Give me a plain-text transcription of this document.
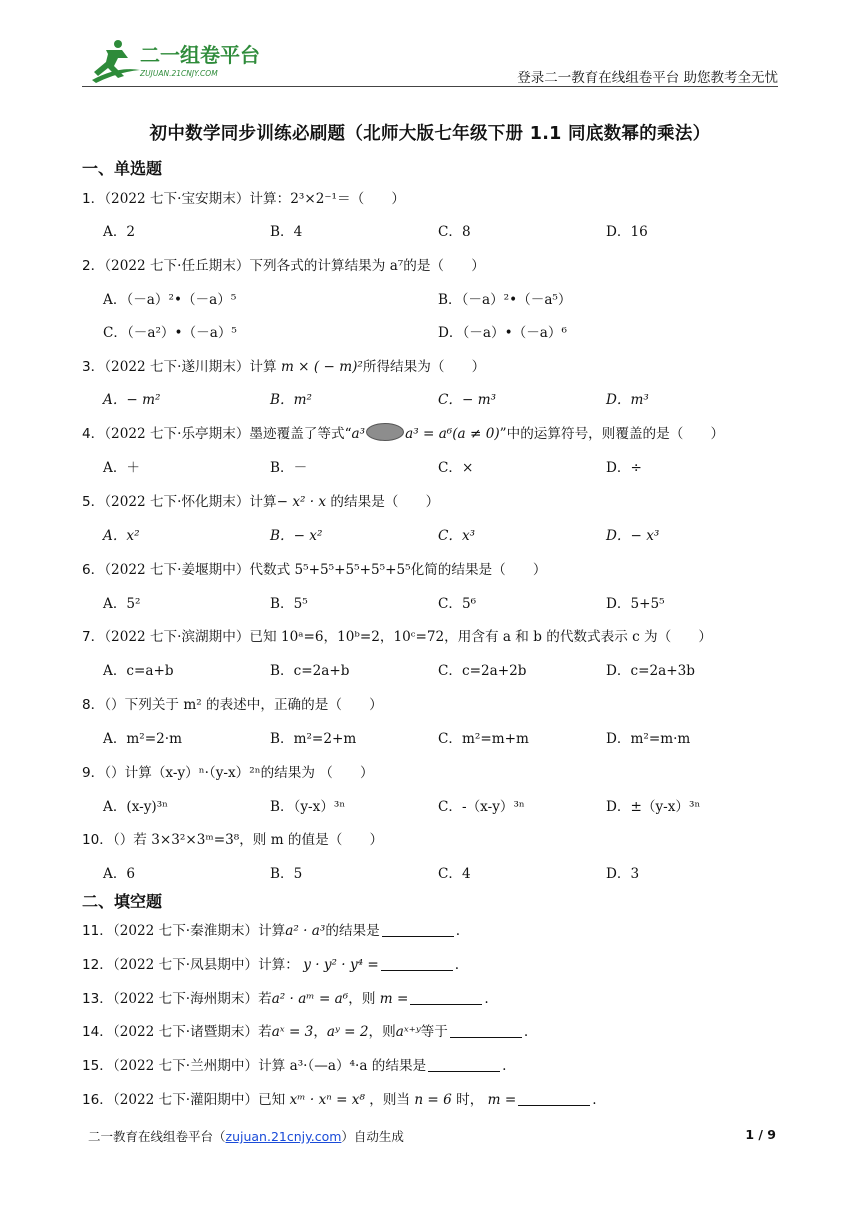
二一组卷平台
ZUJUAN.21CNJY.COM	登录二一教育在线组卷平台 助您教考全无忧
初中数学同步训练必刷题（北师大版七年级下册 1.1 同底数幂的乘法）
一、单选题
1．（2022 七下·宝安期末）计算：2³×2⁻¹＝（　　）
A．2	B．4	C．8	D．16
2．（2022 七下·任丘期末）下列各式的计算结果为 a⁷的是（　　）
A．（－a）²•（－a）⁵	B．（－a）²•（－a⁵）
C．（－a²）•（－a）⁵	D．（－a）•（－a）⁶
3．（2022 七下·遂川期末）计算 m × ( − m)²所得结果为（　　）
A．− m²	B．m²	C．− m³	D．m³
4．（2022 七下·乐亭期末）墨迹覆盖了等式“a³	a³ = a⁶(a ≠ 0)”中的运算符号，则覆盖的是（　　）
A．＋	B．－	C．×	D．÷
5．（2022 七下·怀化期末）计算− x² · x 的结果是（　　）
A．x²	B．− x²	C．x³	D．− x³
6．（2022 七下·姜堰期中）代数式 5⁵+5⁵+5⁵+5⁵+5⁵化简的结果是（　　）
A．5²	B．5⁵	C．5⁶	D．5+5⁵
7．（2022 七下·滨湖期中）已知 10ᵃ=6，10ᵇ=2，10ᶜ=72，用含有 a 和 b 的代数式表示 c 为（　　）
A．c=a+b	B．c=2a+b	C．c=2a+2b	D．c=2a+3b
8．（）下列关于 m² 的表述中，正确的是（　　）
A．m²=2·m	B．m²=2+m	C．m²=m+m	D．m²=m·m
9．（）计算（x-y）ⁿ·（y-x）²ⁿ的结果为 （　　）
A．(x-y)³ⁿ	B．（y-x）³ⁿ	C．-（x-y）³ⁿ	D．±（y-x）³ⁿ
10．（）若 3×3²×3ᵐ=3⁸，则 m 的值是（　　）
A．6	B．5	C．4	D．3
二、填空题
11．（2022 七下·秦淮期末）计算a² · a³的结果是	.
12．（2022 七下·凤县期中）计算： y · y² · y⁴ =	.
13．（2022 七下·海州期末）若a² · aᵐ = a⁶，则 m =	.
14．（2022 七下·诸暨期末）若aˣ = 3，aʸ = 2，则aˣ⁺ʸ等于	.
15．（2022 七下·兰州期中）计算 a³·（—a）⁴·a 的结果是	.
16．（2022 七下·灌阳期中）已知 xᵐ · xⁿ = x⁸ ，则当 n = 6 时， m =	.
二一教育在线组卷平台（zujuan.21cnjy.com）自动生成	1 / 9
